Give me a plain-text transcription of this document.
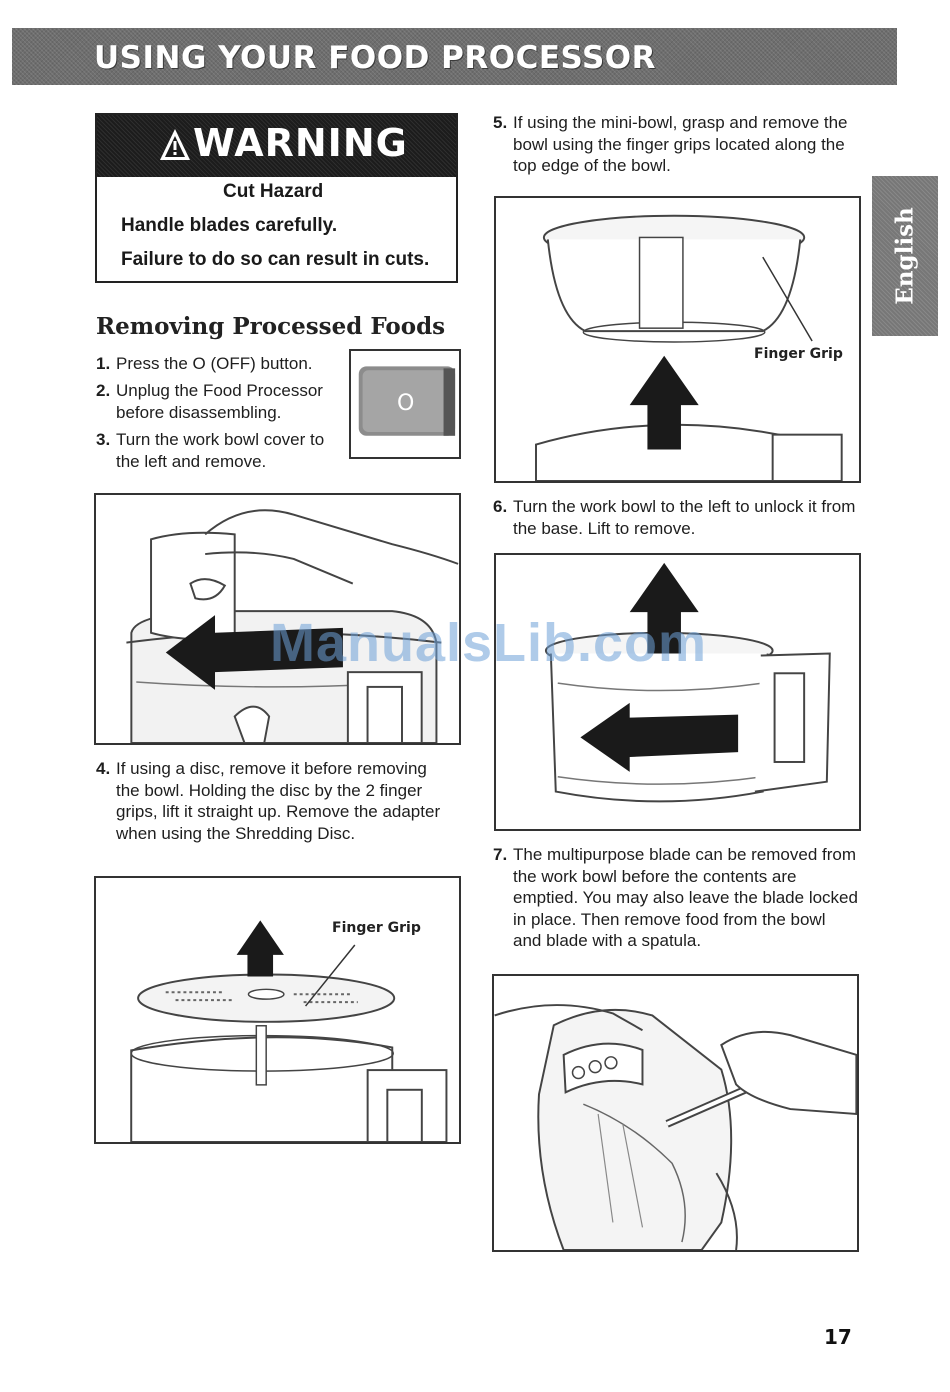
USING YOUR FOOD PROCESSOR
English
WARNING
Cut Hazard
Handle blades carefully.
Failure to do so can result in cuts.
Removing Processed Foods
1. Press the O (OFF) button.
2. Unplug the Food Processor before disassembling.
3. Turn the work bowl cover to the left and remove.
O
4. If using a disc, remove it before removing the bowl. Holding the disc by the 2 finger grips, lift it straight up. Remove the adapter when using the Shredding Disc.
Finger Grip
5. If using the mini-bowl, grasp and remove the bowl using the finger grips located along the top edge of the bowl.
Finger Grip
6. Turn the work bowl to the left to unlock it from the base. Lift to remove.
7. The multipurpose blade can be removed from the work bowl before the contents are emptied. You may also leave the blade locked in place. Then remove food from the bowl and blade with a spatula.
ManualsLib.com
17
